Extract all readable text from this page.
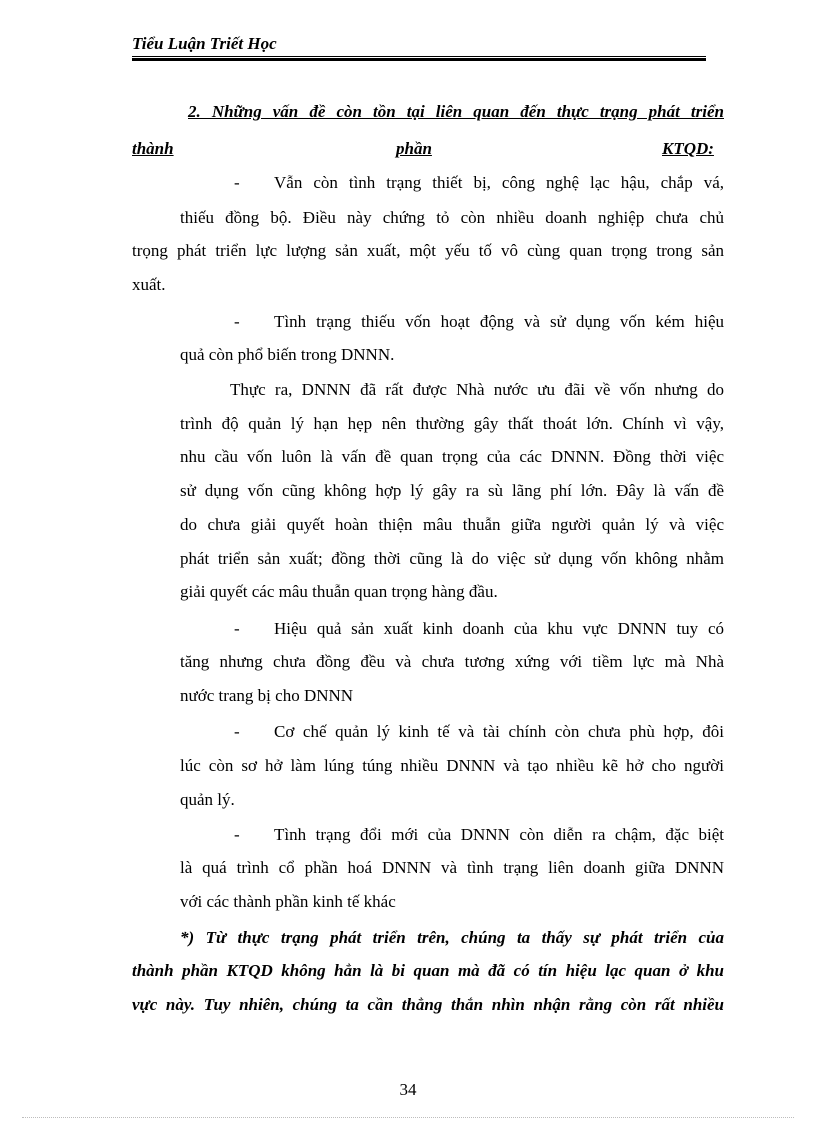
Tiểu Luận Triết Học
2. Những vấn đề còn tồn tại liên quan đến thực trạng phát triển
thành	phần	KTQD:
- Vẫn còn tình trạng thiết bị, công nghệ lạc hậu, chắp vá,
thiếu đồng bộ. Điều này chứng tỏ còn nhiều doanh nghiệp chưa chủ
trọng phát triển lực lượng sản xuất, một yếu tố vô cùng quan trọng trong sản
xuất.
- Tình trạng thiếu vốn hoạt động và sử dụng vốn kém hiệu
quả còn phổ biến trong DNNN.
Thực ra, DNNN đã rất được Nhà nước ưu đãi về vốn nhưng do
trình độ quản lý hạn hẹp nên thường gây thất thoát lớn. Chính vì vậy,
nhu cầu vốn luôn là vấn đề quan trọng của các DNNN. Đồng thời việc
sử dụng vốn cũng không hợp lý gây ra sù lãng phí lớn. Đây là vấn đề
do chưa giải quyết hoàn thiện mâu thuẫn giữa người quản lý và việc
phát triển sản xuất; đồng thời cũng là do việc sử dụng vốn không nhằm
giải quyết các mâu thuẫn quan trọng hàng đầu.
- Hiệu quả sản xuất kinh doanh của khu vực DNNN tuy có
tăng nhưng chưa đồng đều và chưa tương xứng với tiềm lực mà Nhà
nước trang bị cho DNNN
- Cơ chế quản lý kinh tế và tài chính còn chưa phù hợp, đôi
lúc còn sơ hở làm lúng túng nhiều DNNN và tạo nhiều kẽ hở cho người
quản lý.
- Tình trạng đổi mới của DNNN còn diễn ra chậm, đặc biệt
là quá trình cổ phần hoá DNNN và tình trạng liên doanh giữa DNNN
với các thành phần kinh tế khác
*) Từ thực trạng phát triển trên, chúng ta thấy sự phát triển của
thành phần KTQD không hẳn là bi quan mà đã có tín hiệu lạc quan ở khu
vực này. Tuy nhiên, chúng ta cần thẳng thắn nhìn nhận rằng còn rất nhiều
34
